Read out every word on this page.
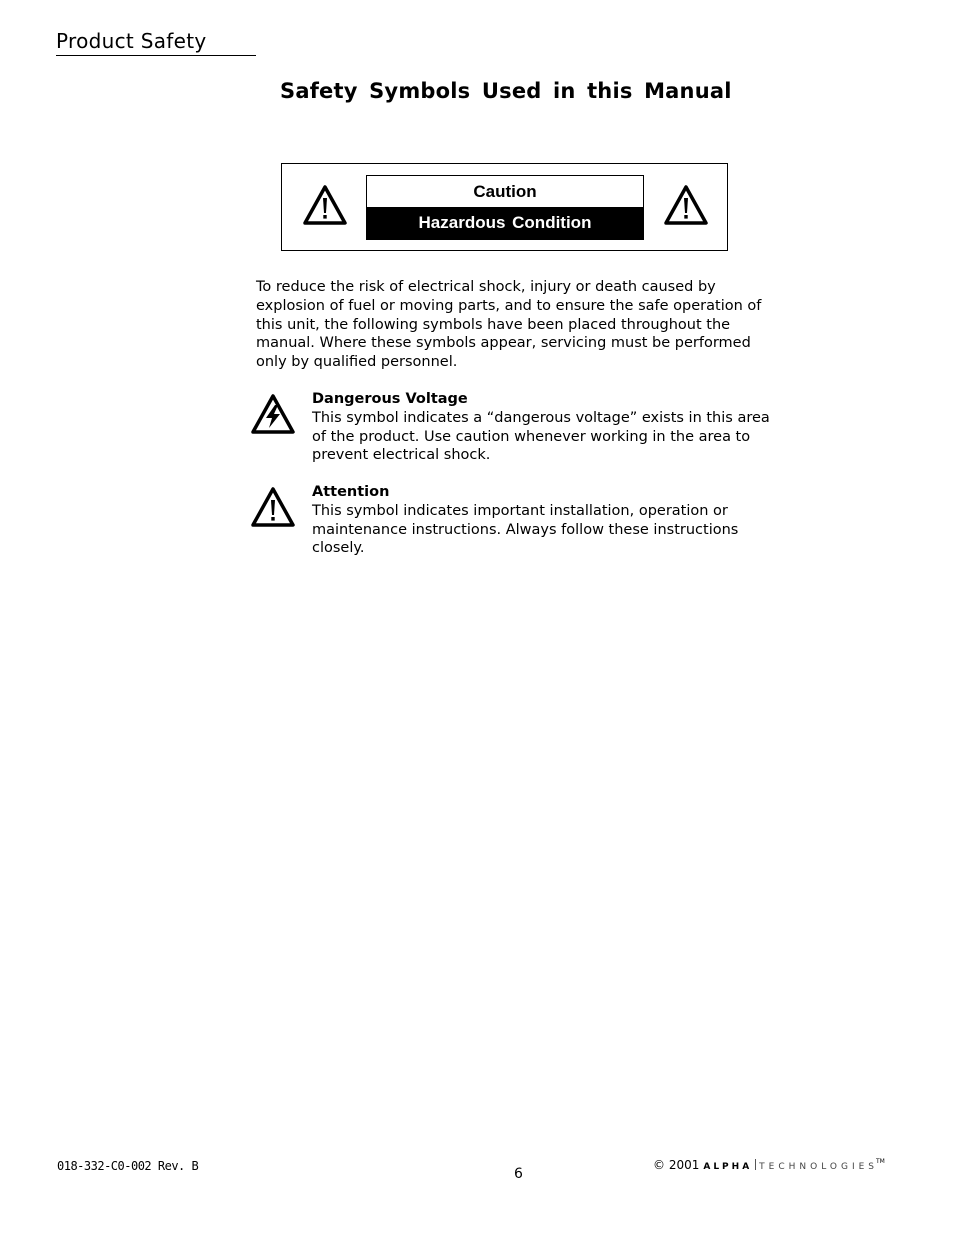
Product Safety
Safety Symbols Used in this Manual
Caution
Hazardous Condition

To reduce the risk of electrical shock, injury or death caused by
explosion of fuel or moving parts, and to ensure the safe operation of
this unit, the following symbols have been placed throughout the
manual. Where these symbols appear, servicing must be performed
only by qualified personnel.

Dangerous Voltage
This symbol indicates a “dangerous voltage” exists in this area
of the product. Use caution whenever working in the area to
prevent electrical shock.
Attention
This symbol indicates important installation, operation or
maintenance instructions. Always follow these instructions
closely.
018-332-C0-002 Rev. B	6
© 2001 ALPHA TECHNOLOGIES™
